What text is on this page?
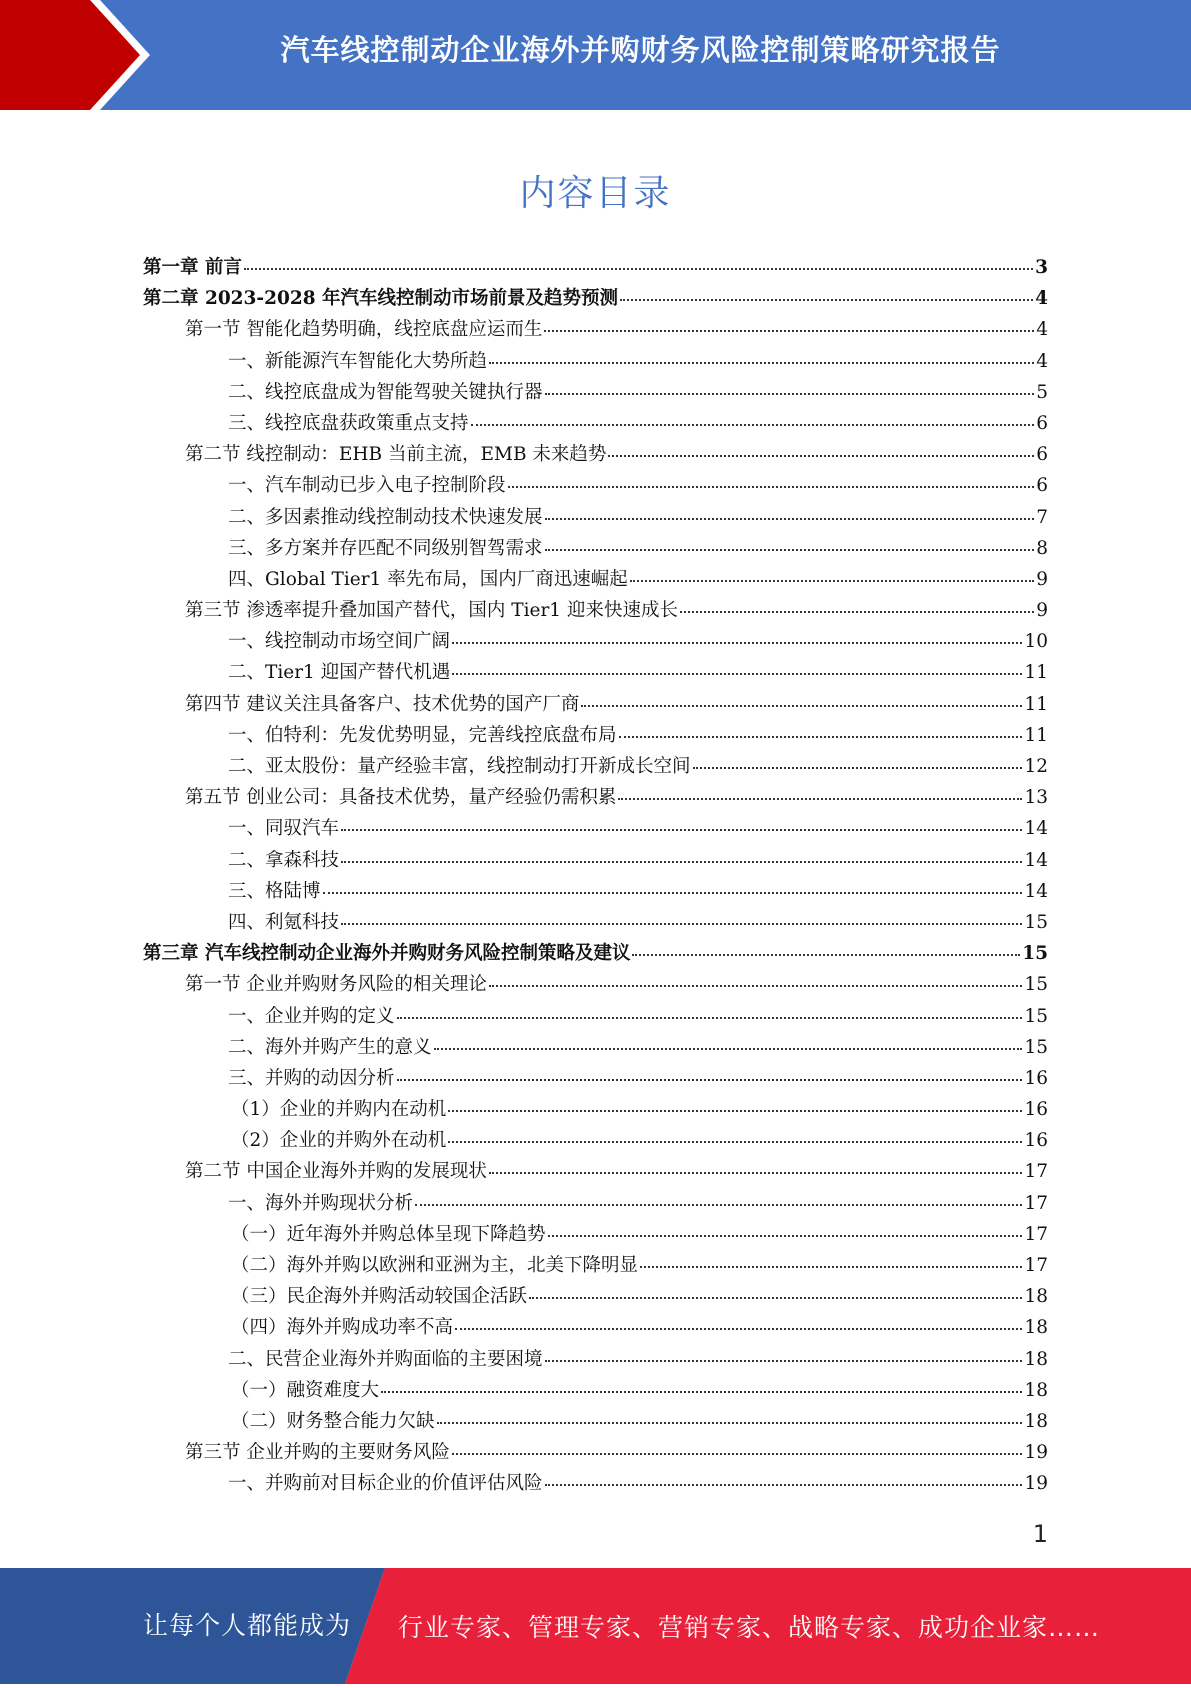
汽车线控制动企业海外并购财务风险控制策略研究报告
内容目录
第一章 前言	3
第二章 2023-2028 年汽车线控制动市场前景及趋势预测	4
第一节 智能化趋势明确，线控底盘应运而生	4
一、新能源汽车智能化大势所趋	4
二、线控底盘成为智能驾驶关键执行器	5
三、线控底盘获政策重点支持	6
第二节 线控制动：EHB 当前主流，EMB 未来趋势	6
一、汽车制动已步入电子控制阶段	6
二、多因素推动线控制动技术快速发展	7
三、多方案并存匹配不同级别智驾需求	8
四、Global Tier1 率先布局，国内厂商迅速崛起	9
第三节 渗透率提升叠加国产替代，国内 Tier1 迎来快速成长	9
一、线控制动市场空间广阔	10
二、Tier1 迎国产替代机遇	11
第四节 建议关注具备客户、技术优势的国产厂商	11
一、伯特利：先发优势明显，完善线控底盘布局	11
二、亚太股份：量产经验丰富，线控制动打开新成长空间	12
第五节 创业公司：具备技术优势，量产经验仍需积累	13
一、同驭汽车	14
二、拿森科技	14
三、格陆博	14
四、利氪科技	15
第三章 汽车线控制动企业海外并购财务风险控制策略及建议	15
第一节 企业并购财务风险的相关理论	15
一、企业并购的定义	15
二、海外并购产生的意义	15
三、并购的动因分析	16
（1）企业的并购内在动机	16
（2）企业的并购外在动机	16
第二节 中国企业海外并购的发展现状	17
一、海外并购现状分析	17
（一）近年海外并购总体呈现下降趋势	17
（二）海外并购以欧洲和亚洲为主，北美下降明显	17
（三）民企海外并购活动较国企活跃	18
（四）海外并购成功率不高	18
二、民营企业海外并购面临的主要困境	18
（一）融资难度大	18
（二）财务整合能力欠缺	18
第三节 企业并购的主要财务风险	19
一、并购前对目标企业的价值评估风险	19
1
让每个人都能成为 行业专家、管理专家、营销专家、战略专家、成功企业家……
